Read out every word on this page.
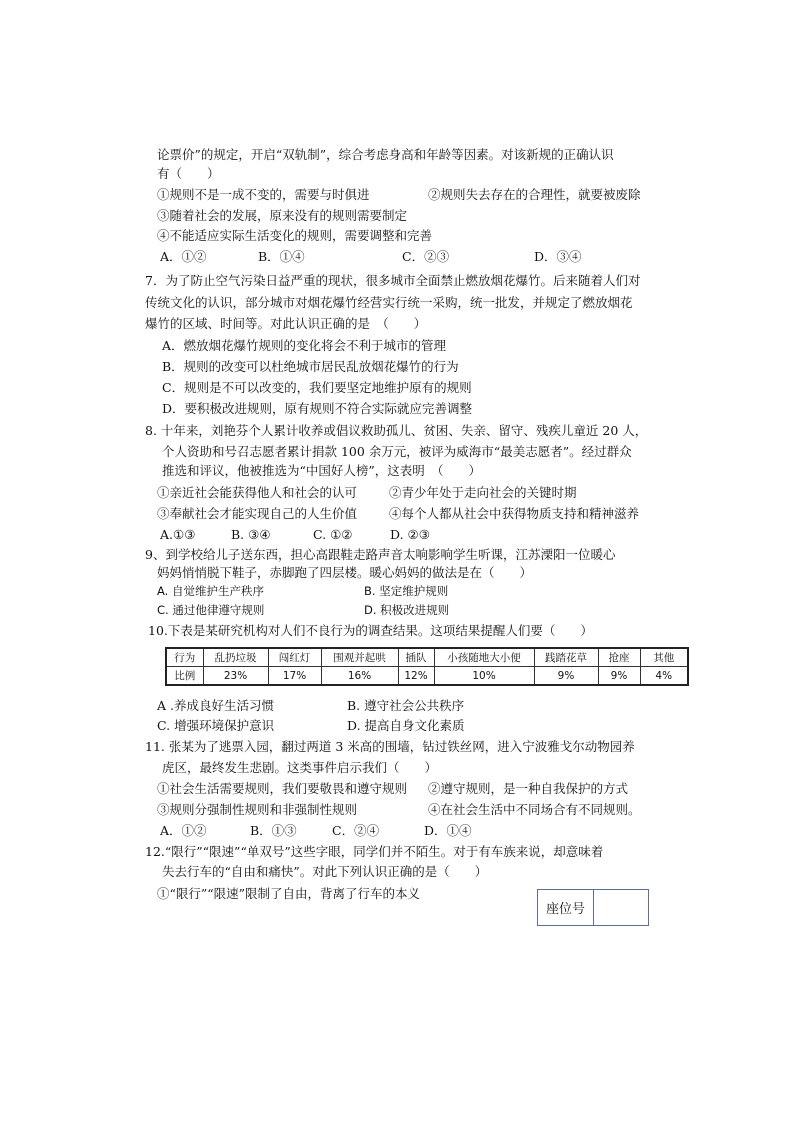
论票价”的规定，开启“双轨制”，综合考虑身高和年龄等因素。对该新规的正确认识
有（　　）
①规则不是一成不变的，需要与时俱进	②规则失去存在的合理性，就要被废除
③随着社会的发展，原来没有的规则需要制定
④不能适应实际生活变化的规则，需要调整和完善
A．①②	B．①④	C．②③	D．③④
7．为了防止空气污染日益严重的现状，很多城市全面禁止燃放烟花爆竹。后来随着人们对
传统文化的认识，部分城市对烟花爆竹经营实行统一采购，统一批发，并规定了燃放烟花
爆竹的区域、时间等。对此认识正确的是　（　　）
A．燃放烟花爆竹规则的变化将会不利于城市的管理
B．规则的改变可以杜绝城市居民乱放烟花爆竹的行为
C．规则是不可以改变的，我们要坚定地维护原有的规则
D．要积极改进规则，原有规则不符合实际就应完善调整
8. 十年来，刘艳芬个人累计收养或倡议救助孤儿、贫困、失亲、留守、残疾儿童近 20 人，
个人资助和号召志愿者累计捐款 100 余万元，被评为威海市“最美志愿者”。经过群众
推选和评议，他被推选为“中国好人榜”，这表明　（　　）
①亲近社会能获得他人和社会的认可	②青少年处于走向社会的关键时期
③奉献社会才能实现自己的人生价值	④每个人都从社会中获得物质支持和精神滋养
A.①③	B. ③④	C. ①②	D. ②③
9、到学校给儿子送东西，担心高跟鞋走路声音太响影响学生听课，江苏溧阳一位暖心
妈妈悄悄脱下鞋子，赤脚跑了四层楼。暖心妈妈的做法是在（　　）
A. 自觉维护生产秩序	B. 坚定维护规则
C. 通过他律遵守规则	D. 积极改进规则
10.下表是某研究机构对人们不良行为的调查结果。这项结果提醒人们要（　　）
行为	乱扔垃圾	闯红灯	围观并起哄	插队	小孩随地大小便	践踏花草	抢座	其他
比例	23%	17%	16%	12%	10%	9%	9%	4%
A .养成良好生活习惯	B. 遵守社会公共秩序
C. 增强环境保护意识	D. 提高自身文化素质
11. 张某为了逃票入园，翻过两道 3 米高的围墙，钻过铁丝网，进入宁波雅戈尔动物园养
虎区，最终发生悲剧。这类事件启示我们（　　）
①社会生活需要规则，我们要敬畏和遵守规则 ②遵守规则，是一种自我保护的方式
③规则分强制性规则和非强制性规则	④在社会生活中不同场合有不同规则。
A．①②	B．①③	C．②④	D．①④
12.“限行”“限速”“单双号”这些字眼，同学们并不陌生。对于有车族来说，却意味着
失去行车的“自由和痛快”。对此下列认识正确的是（　　）
①“限行”“限速”限制了自由，背离了行车的本义
座位号
